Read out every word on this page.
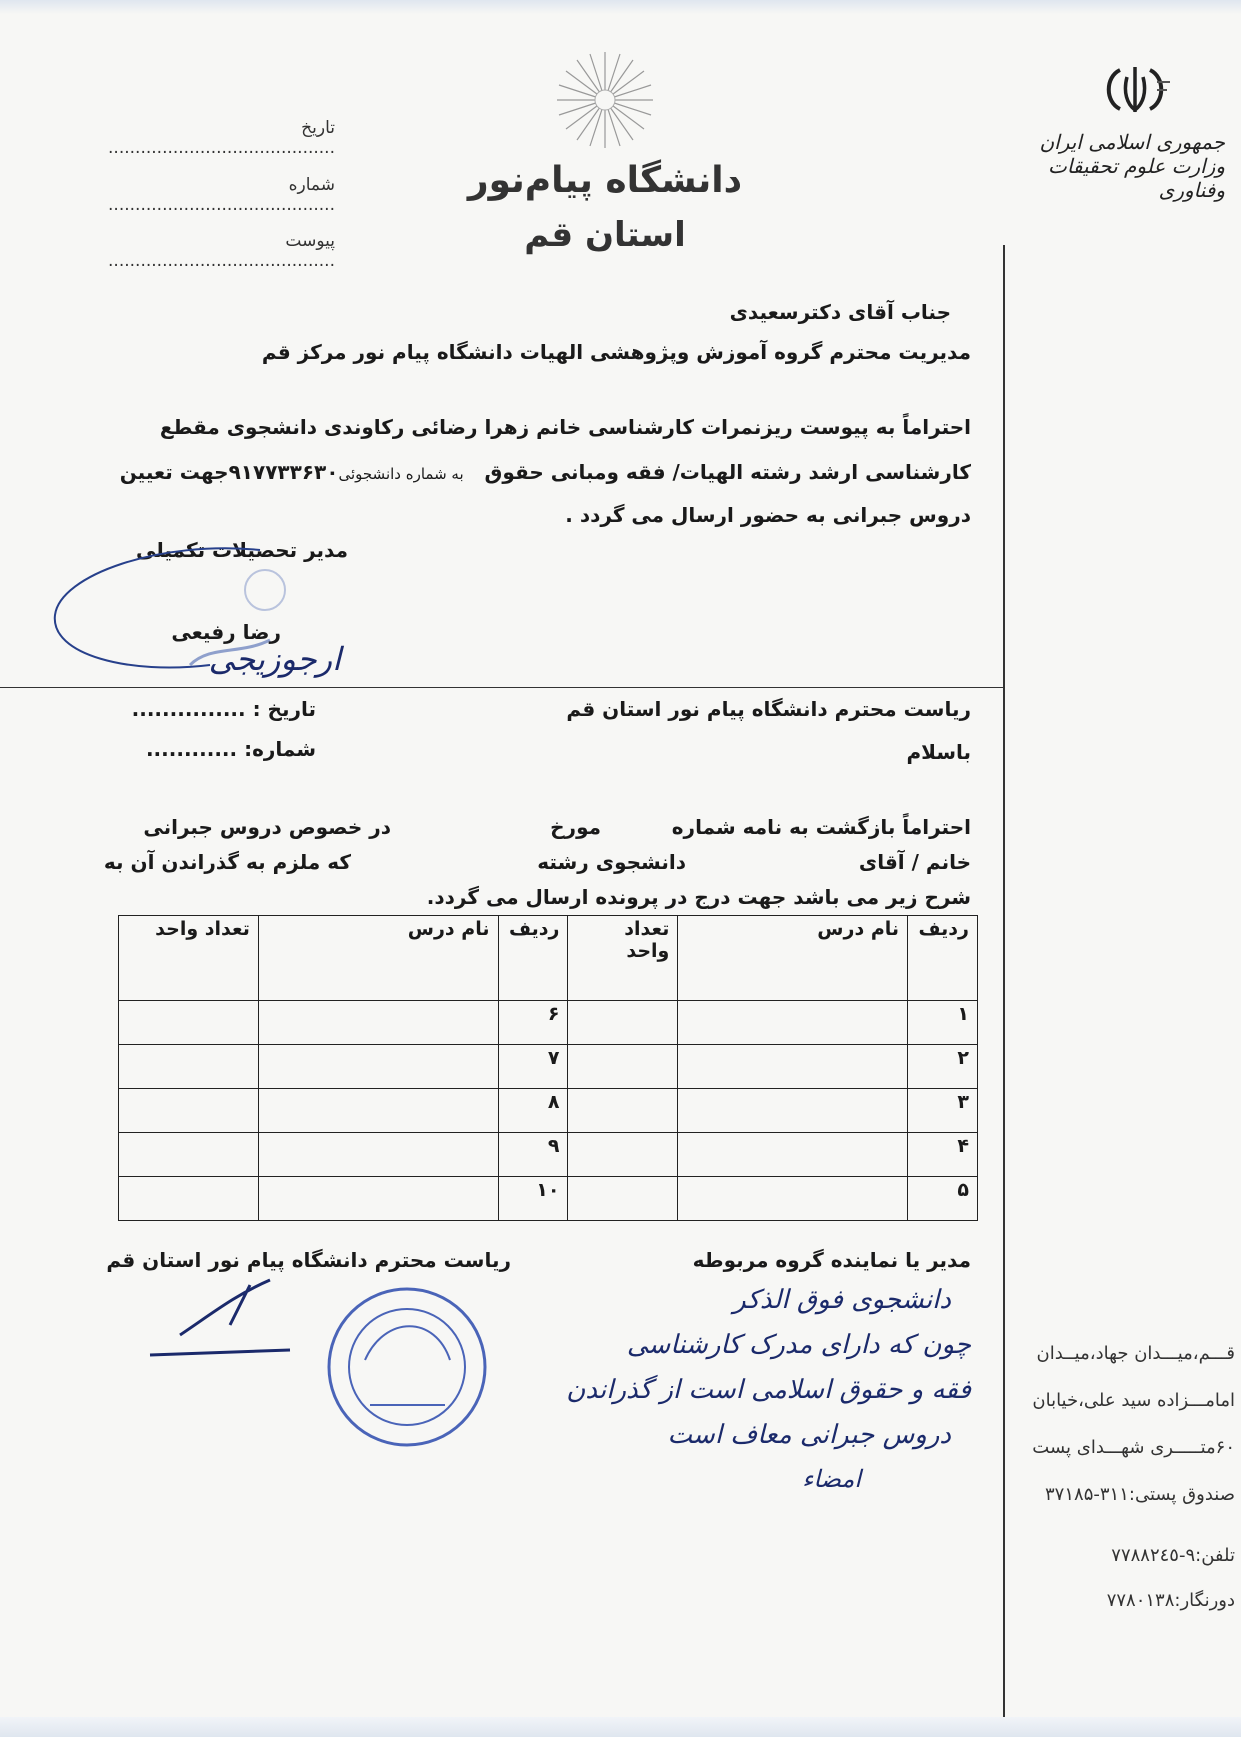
جمهوری اسلامی ایران
وزارت علوم تحقیقات وفناوری
دانشگاه پیام‌نور
استان قم
تاریخ ..........................................
شماره ..........................................
پیوست ..........................................
جناب آقای دکترسعیدی
مدیریت محترم گروه آموزش وپژوهشی الهیات دانشگاه پیام نور مرکز قم
احتراماً به پیوست ریزنمرات کارشناسی خانم زهرا رضائی رکاوندی دانشجوی مقطع
کارشناسی ارشد رشته الهیات/ فقه ومبانی حقوق   به شماره دانشجوئی۹۱۷۷۳۳۶۳۰جهت تعیین
دروس جبرانی به حضور ارسال می گردد .
مدیر تحصیلات تکمیلی
رضا رفیعی
ارجوزیجی
تاریخ : ...............
شماره: ............
ریاست محترم دانشگاه پیام نور استان قم
باسلام
احتراماً بازگشت به نامه شماره
مورخ
در خصوص دروس جبرانی
خانم / آقای
دانشجوی رشته
که ملزم به گذراندن آن به
شرح زیر می باشد جهت درج در پرونده ارسال می گردد.
ردیف	نام درس	تعداد واحد	ردیف	نام درس	تعداد واحد
۱			۶		
۲			۷		
۳			۸		
۴			۹		
۵			۱۰		
مدیر یا نماینده گروه مربوطه
ریاست محترم دانشگاه پیام نور استان قم
دانشجوی فوق الذکر
چون که دارای مدرک کارشناسی
فقه و حقوق اسلامی است از گذراندن
دروس جبرانی معاف است
امضاء
قـــم،میـــدان جهاد،میــدان
امامـــزاده سید علی،خیابان
۶۰متـــــری شهـــدای پست
صندوق پستی:۳۱۱-۳۷۱۸۵
تلفن:۹-۷۷۸۸۲٤٥
دورنگار:۷۷۸۰۱۳۸
